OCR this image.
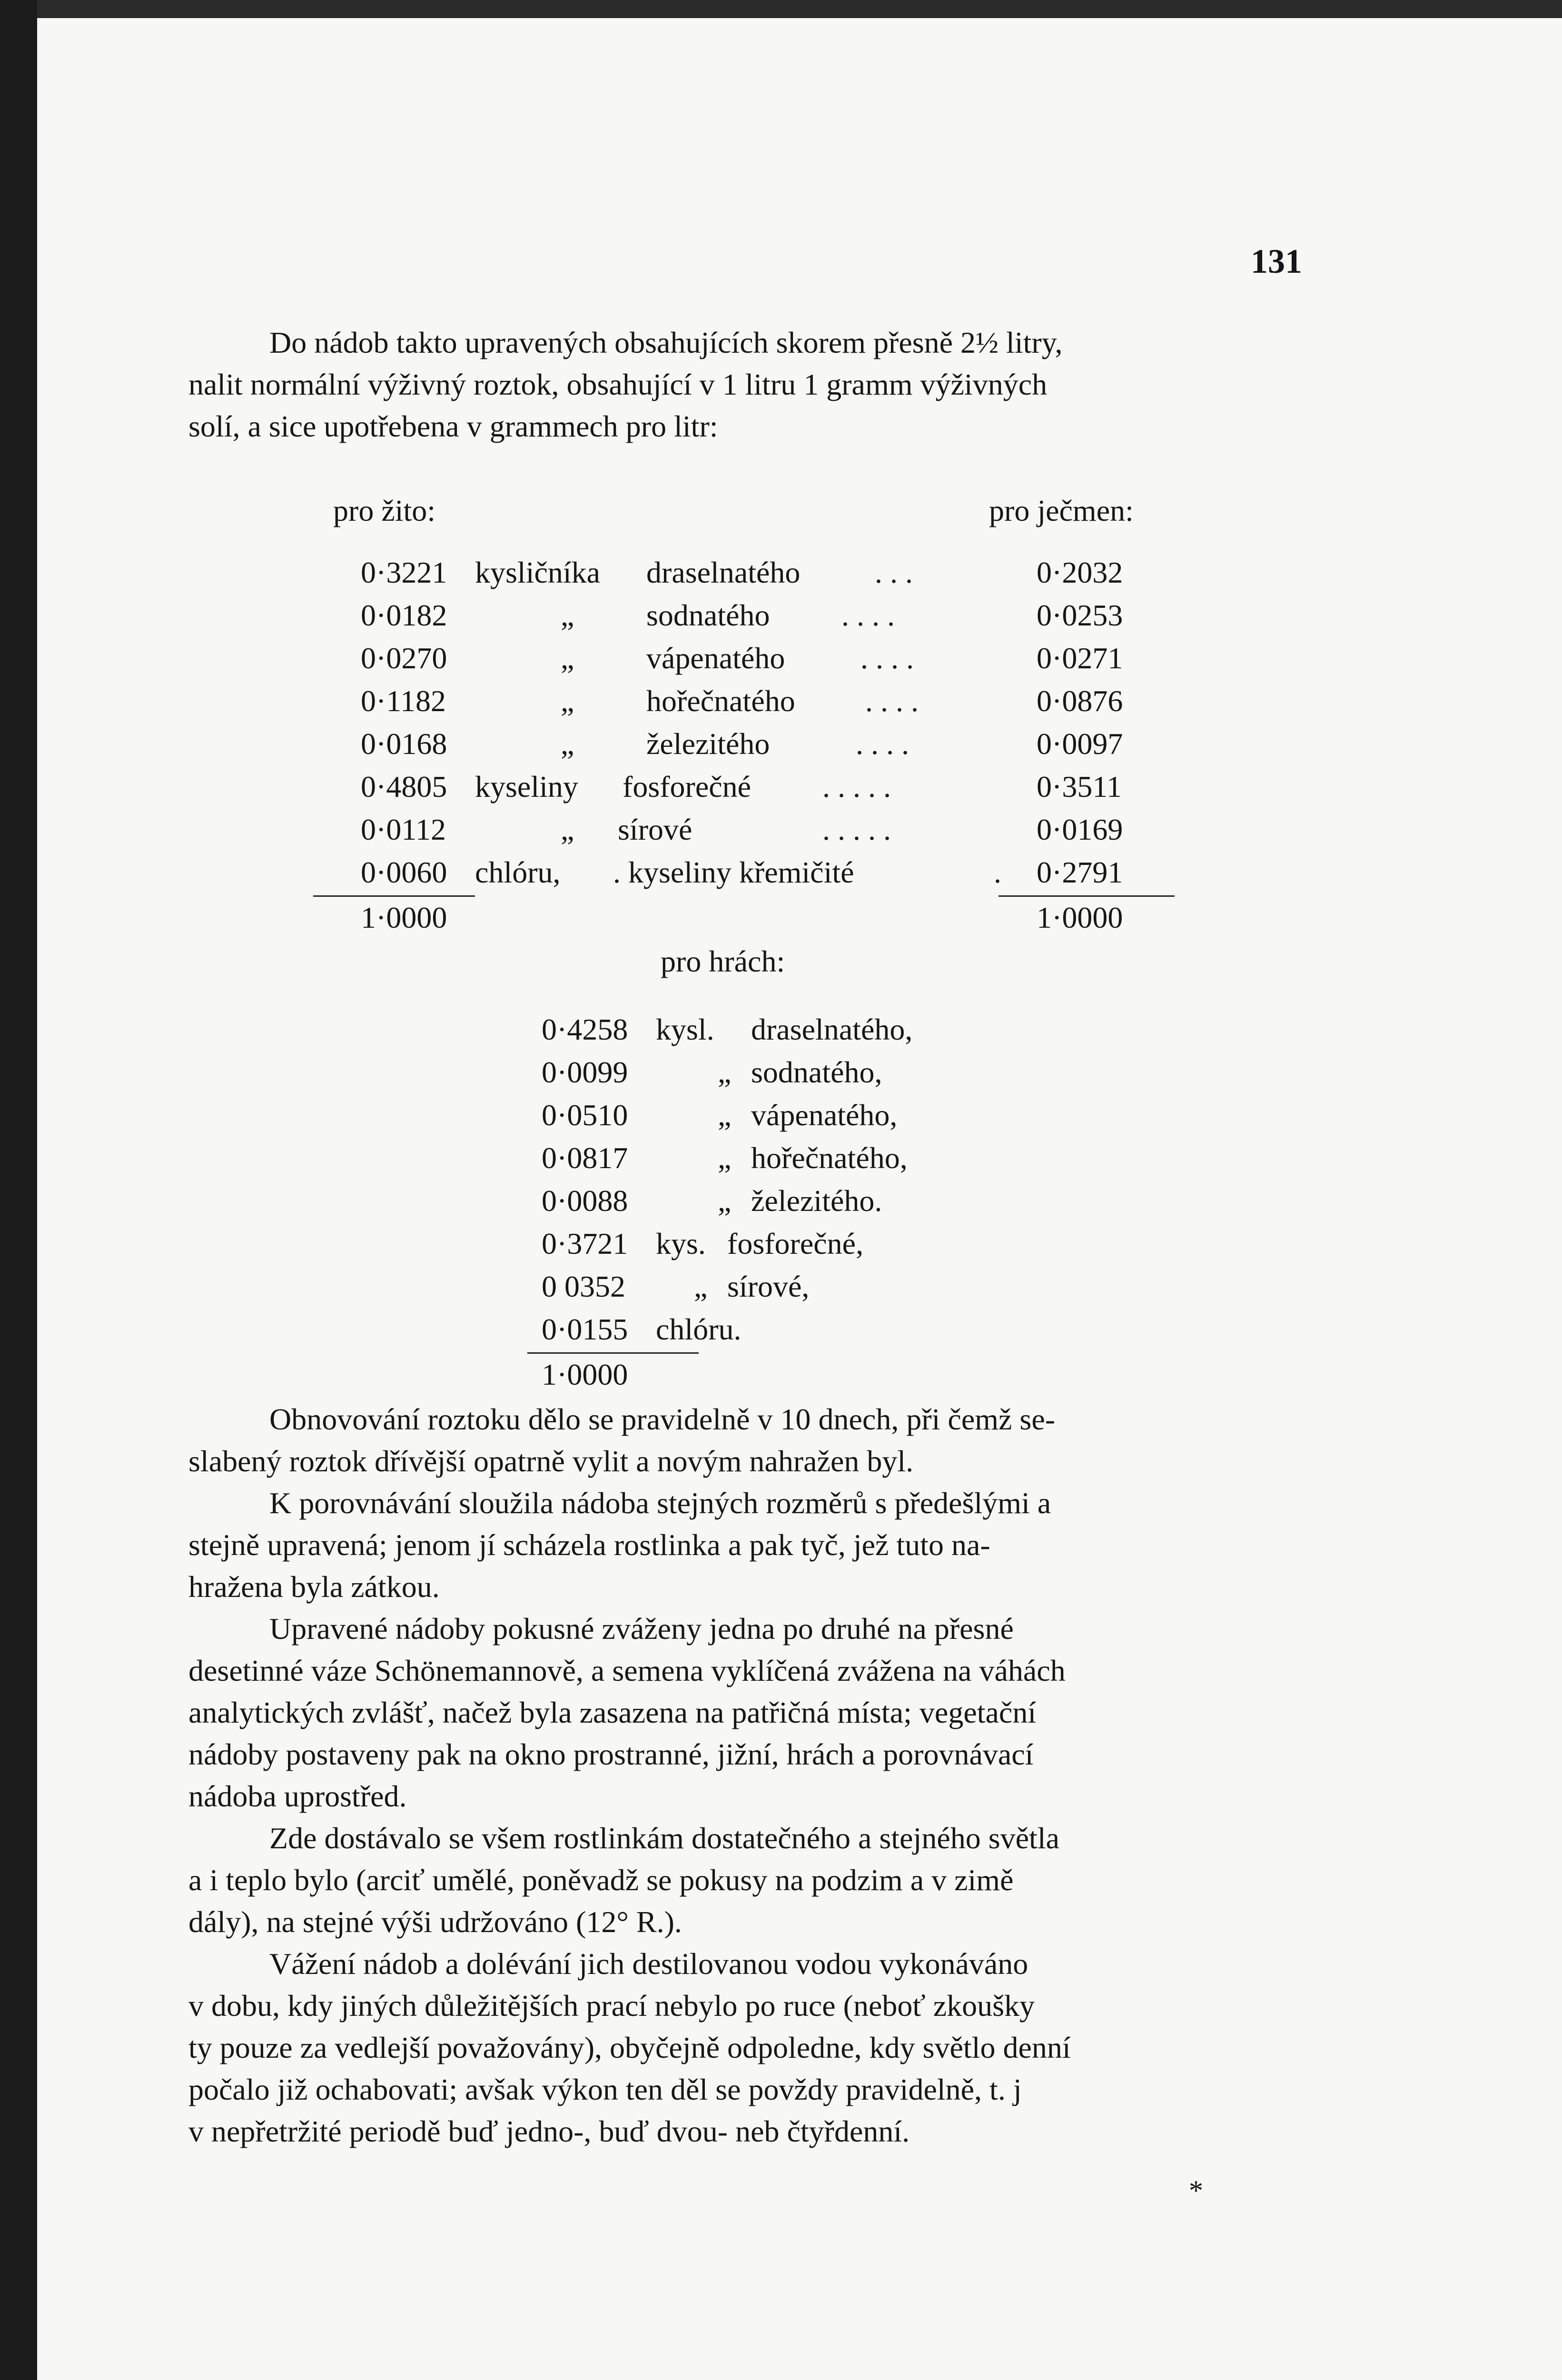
131
Do nádob takto upravených obsahujících skorem přesně 2½ litry,
nalit normální výživný roztok, obsahující v 1 litru 1 gramm výživných
solí, a sice upotřebena v grammech pro litr:
pro žito:	pro ječmen:
0·3221 kysličníka draselnatého . . .	0·2032
0·0182	„ sodnatého . . . .	0·0253
0·0270	„ vápenatého . . . .	0·0271
0·1182	„ hořečnatého . . . .	0·0876
0·0168	„ železitého	. . . .	0·0097
0·4805 kyseliny fosforečné . . . . .	0·3511
0·0112	„ sírové	. . . . .	0·0169
0·0060 chlóru, . kyseliny křemičité	. 0·2791
1·0000	1·0000
pro hrách:
0·4258 kysl. draselnatého,
0·0099	„ sodnatého,
0·0510	„ vápenatého,
0·0817	„ hořečnatého,
0·0088	„ železitého.
0·3721 kys. fosforečné,
0 0352 „ sírové,
0·0155 chlóru.
1·0000
Obnovování roztoku dělo se pravidelně v 10 dnech, při čemž se-
slabený roztok dřívější opatrně vylit a novým nahražen byl.
K porovnávání sloužila nádoba stejných rozměrů s předešlými a
stejně upravená; jenom jí scházela rostlinka a pak tyč, jež tuto na-
hražena byla zátkou.
Upravené nádoby pokusné zváženy jedna po druhé na přesné
desetinné váze Schönemannově, a semena vyklíčená zvážena na váhách
analytických zvlášť, načež byla zasazena na patřičná místa; vegetační
nádoby postaveny pak na okno prostranné, jižní, hrách a porovnávací
nádoba uprostřed.
Zde dostávalo se všem rostlinkám dostatečného a stejného světla
a i teplo bylo (arciť umělé, poněvadž se pokusy na podzim a v zimě
dály), na stejné výši udržováno (12° R.).
Vážení nádob a dolévání jich destilovanou vodou vykonáváno
v dobu, kdy jiných důležitějších prací nebylo po ruce (neboť zkoušky
ty pouze za vedlejší považovány), obyčejně odpoledne, kdy světlo denní
počalo již ochabovati; avšak výkon ten děl se povždy pravidelně, t. j
v nepřetržité periodě buď jedno-, buď dvou- neb čtyřdenní.
*
